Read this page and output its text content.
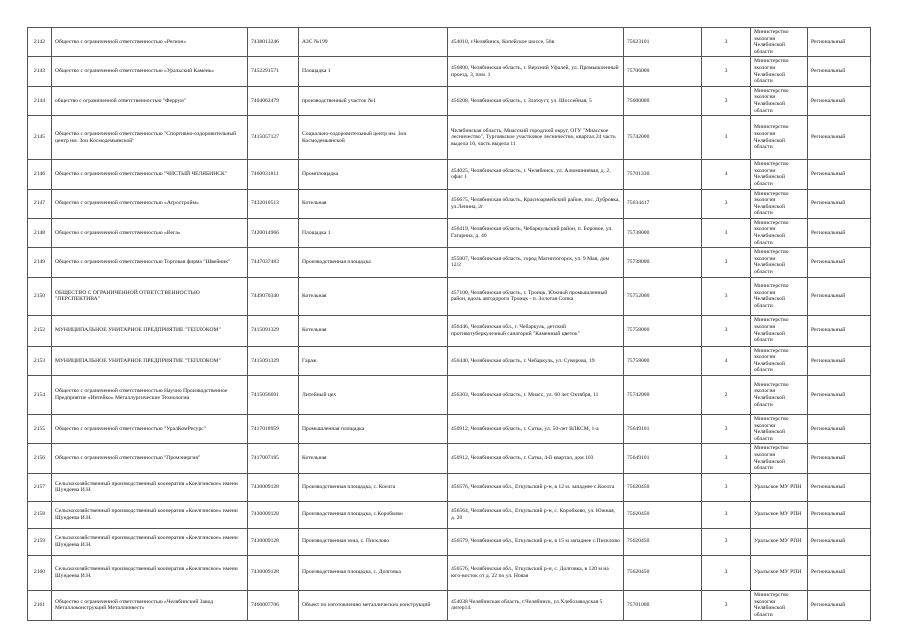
2142	Общество с ограниченной ответственностью «Регион»	7438013246	АЗС №199	454010, г.Челябинск, Копейское шоссе, 56в	75623101	3	Министерство экологии Челябинской области	Региональный
2143	Общество с ограниченной ответственностью «Уральский Камень»	7452291571	Площадка 1	456800, Челябинская область, г. Верхний Уфалей, ул. Промышленный проезд, 3, пом. 1	75706000	3	Министерство экологии Челябинской области	Региональный
2144	общество с ограниченной ответственностью "Феррум"	7404062479	производственный участок №1	456208, Челябинская область, г. Златоуст, ул. Шоссейная, 5	75600000	3	Министерство экологии Челябинской области	Региональный
2145	Общество с ограниченной ответственностью "Спортивно-оздоровительный центр им. Зои Космодемьянской"	7415057127	Социально-оздоровительный центр им. Зои Космодемьянской	Челябинская область, Миасский городской округ, ОГУ "Миасское лесничество", Тургоякское участковое лесничество, квартал 24 часть выдела 10, часть выдела 11	75742000	3	Министерство экологии Челябинской области	Региональный
2146	Общество с ограниченной ответственностью "ЧИСТЫЙ ЧЕЛЯБИНСК"	7460031811	Промплощадка	454025, Челябинская область, г. Челябинск, ул. Алюминиевая, д. 2, офис 1	75701330	4	Министерство экологии Челябинской области	Региональный
2147	Общество с ограниченной ответственностью «Агростройм»	7432010513	Котельная	456675, Челябинская область, Красноармейский район, пос. Дубровка, ул.Ленина, 2г	75634417	3	Министерство экологии Челябинской области	Региональный
2148	Общество с ограниченной ответственностью «Вега»	7420014966	Площадка 1	456419, Челябинская область, Чебаркульский район, п. Боровое, ул. Гагарина, д. 40	75738000	3	Министерство экологии Челябинской области	Региональный
2149	Общество с ограниченной ответственностью Торговая фирма "Швейник"	7447037483	Производственная площадка	455007, Челябинская область, город Магнитогорск, ул. 9 Мая, дом 12/2	75738000	3	Министерство экологии Челябинской области	Региональный
2150	ОБЩЕСТВО С ОГРАНИЧЕННОЙ ОТВЕТСТВЕННОСТЬЮ "ПЕРСПЕКТИВА"	7449070340	Котельная	457100, Челябинская область, г. Троицк, Южный промышленный район, вдоль автодороги Троицк - п. Золотая Сопка	75752000	3	Министерство экологии Челябинской области	Региональный
2152	МУНИЦИПАЛЬНОЕ УНИТАРНОЕ ПРЕДПРИЯТИЕ "ТЕПЛОКОМ"	7415091329	Котельная	456446, Челябинская обл., г. Чебаркуль, детский противотуберкулезный санаторий "Каменный цветок"	75758000	3	Министерство экологии Челябинской области	Региональный
2153	МУНИЦИПАЛЬНОЕ УНИТАРНОЕ ПРЕДПРИЯТИЕ "ТЕПЛОКОМ"	7415091329	Гараж	456440, Челябинская область, г. Чебаркуль, ул. Суворова, 19	75758000	4	Министерство экологии Челябинской области	Региональный
2154	Общество с ограниченной ответственностью Научно Производственное Предприятие «Интейко» Металлургические Технологии	7415056691	Литейный цех	456303, Челябинская область, г. Миасс, ул. 60 лет Октября, 11	75742000	2	Министерство экологии Челябинской области	Региональный
2155	Общество с ограниченной ответственностью "УралКомРесурс"	7417018959	Промышленная площадка	456912, Челябинская область, г. Сатка, ул. 50-лет ВЛКСМ, 1-а	75649101	3	Министерство экологии Челябинской области	Региональный
2156	Общество с ограниченной ответственностью "Промэнергия"	7417007185	Котельная	456912, Челябинская область, г. Сатка, 4-й квартал, дом 103	75649101	3	Министерство экологии Челябинской области	Региональный
2157	Сельскохозяйственный производственный кооператив «Коелгинское» имени Шундеева И.Н.	7430009128	Производственная площадка, с. Коелга	456576, Челябинская обл., Еткульский р-н, в 12 м. западнее с.Коелга	75620450	3	Уральское МУ РПН	Региональный
2158	Сельскохозяйственный производственный кооператив «Коелгинское» имени Шундеева И.Н.	7430009128	Производственная площадка, с.Коробково	456564, Челябинская обл., Еткульский р-н, с. Коробково, ул. Южная, д. 20	75620450	3	Уральское МУ РПН	Региональный
2159	Сельскохозяйственный производственный кооператив «Коелгинское» имени Шундеева И.Н.	7430009128	Производственная зона, с. Писклово	456579, Челябинская обл., Еткульский р-н, в 15 м западнее с.Писклово	75620450	3	Уральское МУ РПН	Региональный
2160	Сельскохозяйственный производственный кооператив «Коелгинское» имени Шундеева И.Н.	7430009128	Производственная площадка, с. Долговка	456576, Челябинская обл., Еткульский р-н, с. Долговка, в 120 м на юго-восток от д. 22 по ул. Новая	75620450	3	Уральское МУ РПН	Региональный
2161	Общество с ограниченной ответственностью «Челябинский Завод Металлоконструкций Металлинвест»	7460007706	Объект по изготовлению металлических конструкций	454038 Челябинская область, г.Челябинск, ул.Хлебозаводская 5 литер14.	75701000	3	Министерство экологии Челябинской области	Региональный
